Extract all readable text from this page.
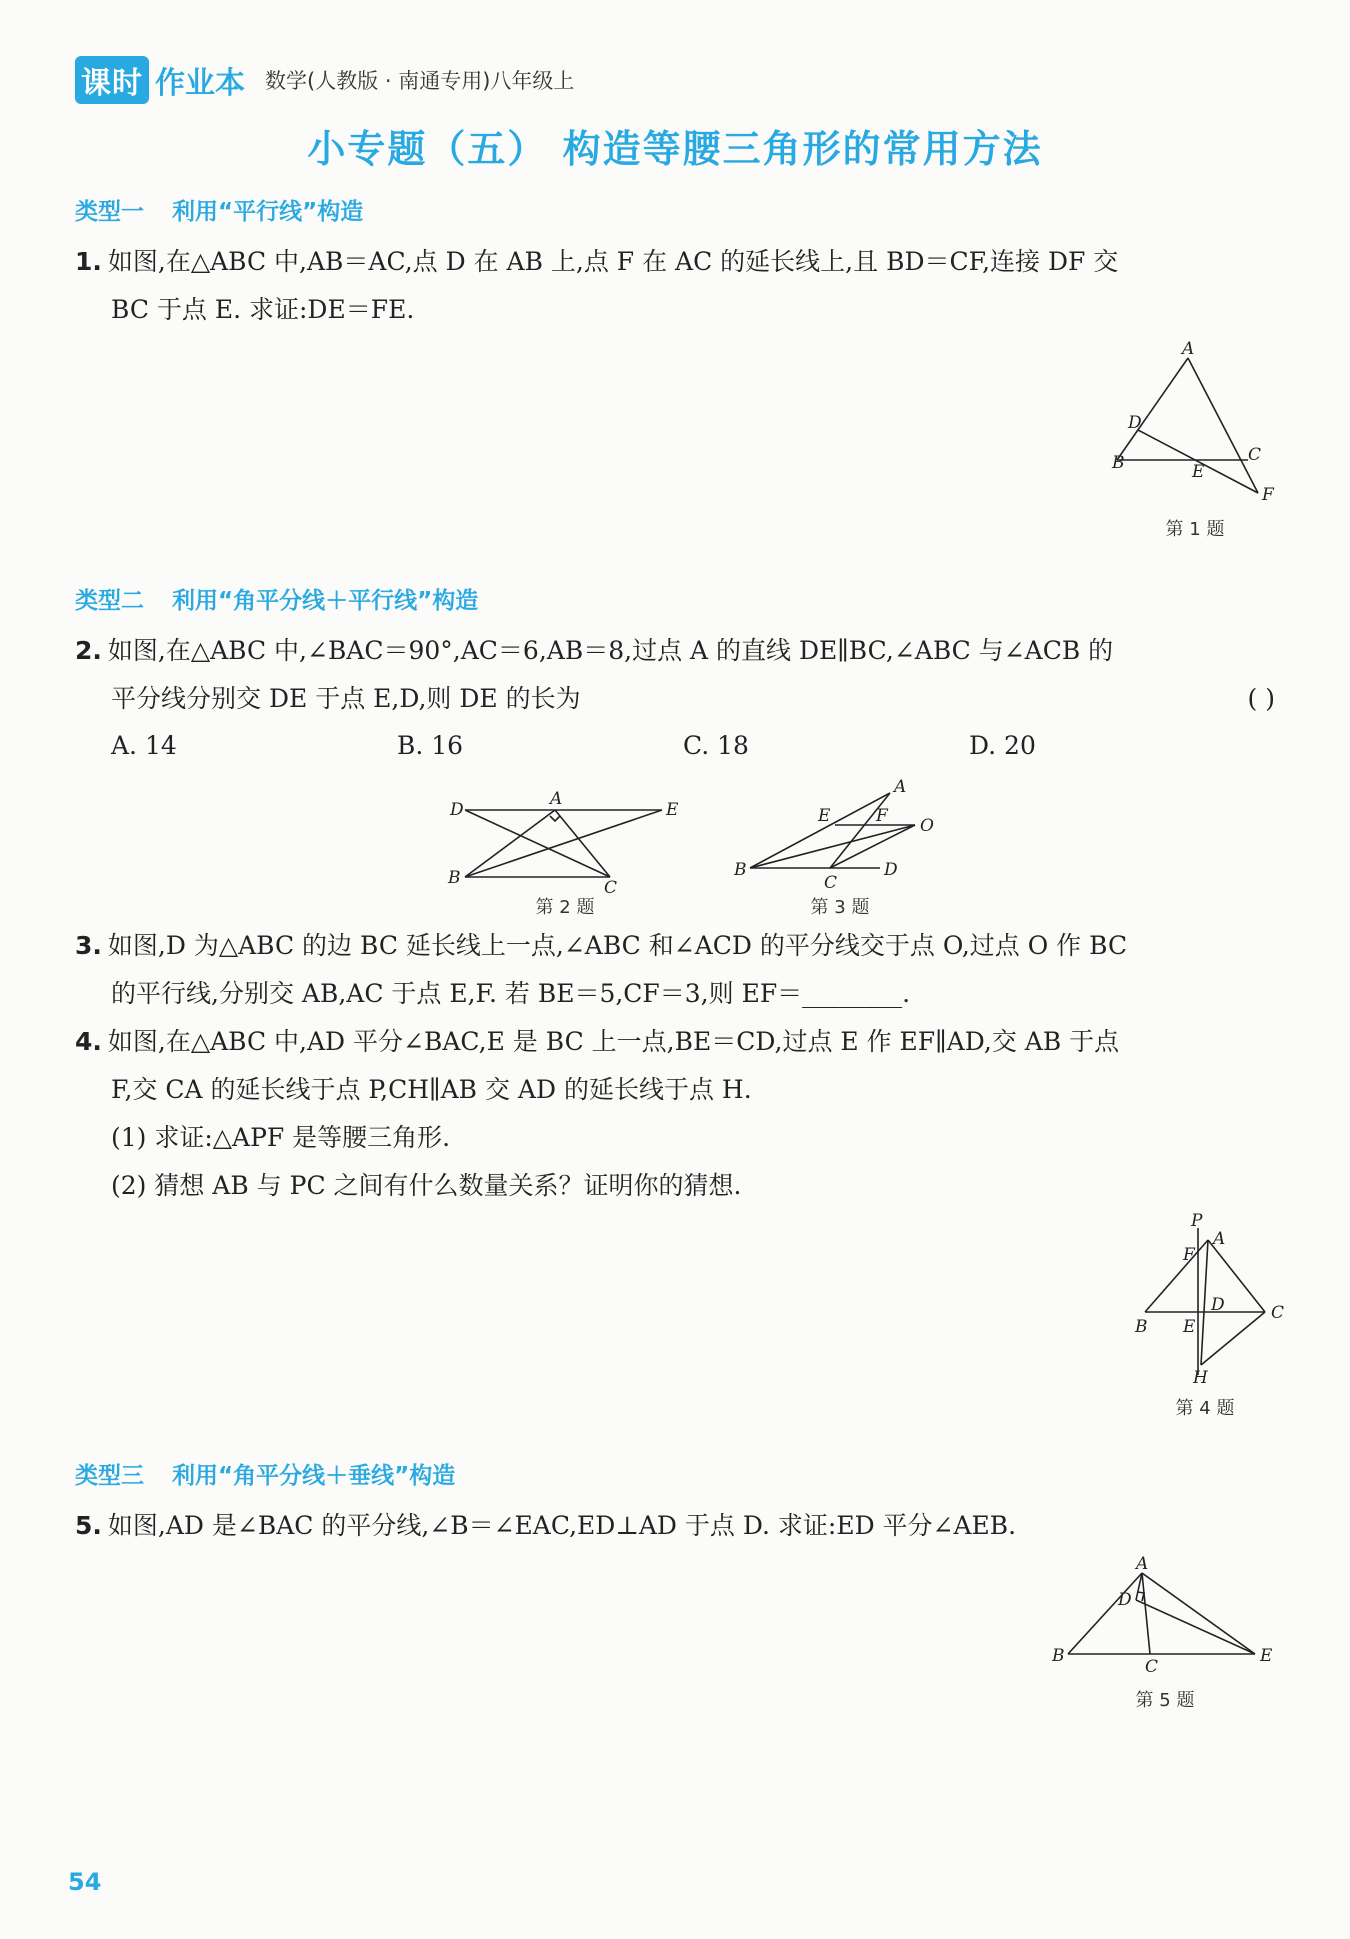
课时 作业本 数学(人教版 · 南通专用)八年级上
小专题（五） 构造等腰三角形的常用方法
类型一 利用“平行线”构造
1. 如图,在△ABC 中,AB＝AC,点 D 在 AB 上,点 F 在 AC 的延长线上,且 BD＝CF,连接 DF 交
BC 于点 E. 求证:DE＝FE.
A
D
B	E
C
F
第 1 题
类型二 利用“角平分线＋平行线”构造
2. 如图,在△ABC 中,∠BAC＝90°,AC＝6,AB＝8,过点 A 的直线 DE∥BC,∠ABC 与∠ACB 的
平分线分别交 DE 于点 E,D,则 DE 的长为	( )
A. 14	B. 16	C. 18	D. 20
D
A
E
B	C
第 2 题
A
E	F O
B
C
D
第 3 题
3. 如图,D 为△ABC 的边 BC 延长线上一点,∠ABC 和∠ACD 的平分线交于点 O,过点 O 作 BC
的平行线,分别交 AB,AC 于点 E,F. 若 BE＝5,CF＝3,则 EF＝________.
4. 如图,在△ABC 中,AD 平分∠BAC,E 是 BC 上一点,BE＝CD,过点 E 作 EF∥AD,交 AB 于点
F,交 CA 的延长线于点 P,CH∥AB 交 AD 的延长线于点 H.
(1) 求证:△APF 是等腰三角形.
(2) 猜想 AB 与 PC 之间有什么数量关系？证明你的猜想.
P
A
F
B E
D	C
H
第 4 题
类型三 利用“角平分线＋垂线”构造
5. 如图,AD 是∠BAC 的平分线,∠B＝∠EAC,ED⊥AD 于点 D. 求证:ED 平分∠AEB.
A
D
B
C
E
第 5 题
54
